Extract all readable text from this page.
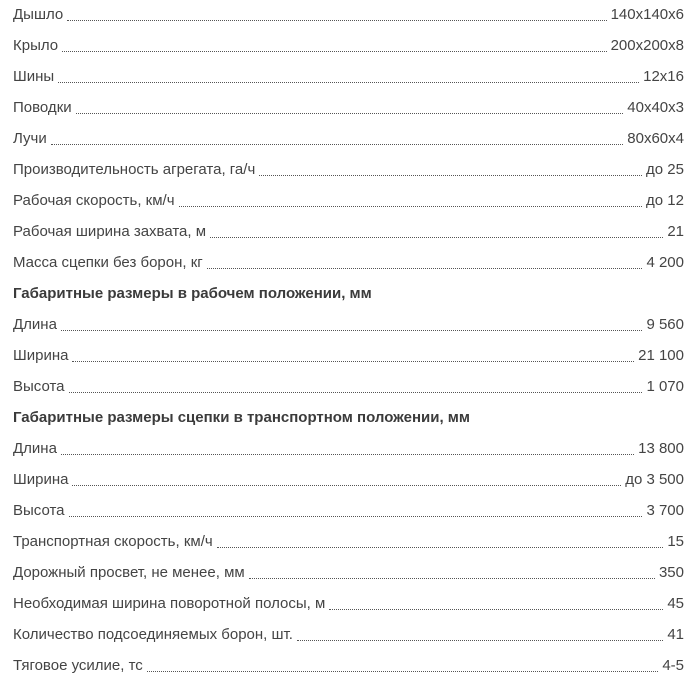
Дышло	140x140x6
Крыло	200x200x8
Шины	12x16
Поводки	40x40x3
Лучи	80x60x4
Производительность агрегата, га/ч	до 25
Рабочая скорость, км/ч	до 12
Рабочая ширина захвата, м	21
Масса сцепки без борон, кг	4 200
Габаритные размеры в рабочем положении, мм
Длина	9 560
Ширина	21 100
Высота	1 070
Габаритные размеры сцепки в транспортном положении, мм
Длина	13 800
Ширина	до 3 500
Высота	3 700
Транспортная скорость, км/ч	15
Дорожный просвет, не менее, мм	350
Необходимая ширина поворотной полосы, м	45
Количество подсоединяемых борон, шт.	41
Тяговое усилие, тс	4-5
